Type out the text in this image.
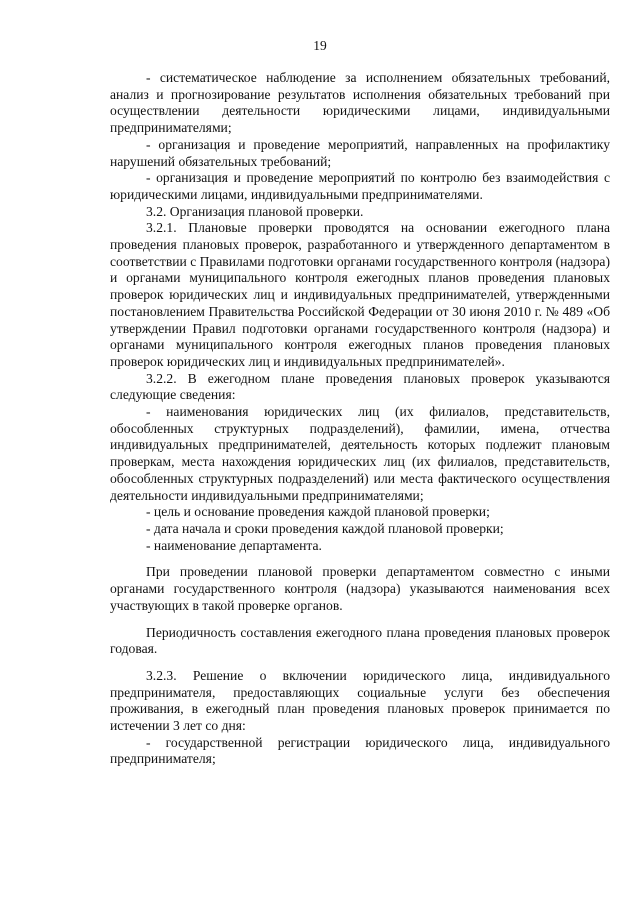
19

- систематическое наблюдение за исполнением обязательных требований, анализ и прогнозирование результатов исполнения обязательных требований при осуществлении деятельности юридическими лицами, индивидуальными предпринимателями;

- организация и проведение мероприятий, направленных на профилактику нарушений обязательных требований;

- организация и проведение мероприятий по контролю без взаимодействия с юридическими лицами, индивидуальными предпринимателями.

3.2. Организация плановой проверки.

3.2.1. Плановые проверки проводятся на основании ежегодного плана проведения плановых проверок, разработанного и утвержденного департаментом в соответствии с Правилами подготовки органами государственного контроля (надзора) и органами муниципального контроля ежегодных планов проведения плановых проверок юридических лиц и индивидуальных предпринимателей, утвержденными постановлением Правительства Российской Федерации от 30 июня 2010 г. № 489 «Об утверждении Правил подготовки органами государственного контроля (надзора) и органами муниципального контроля ежегодных планов проведения плановых проверок юридических лиц и индивидуальных предпринимателей».

3.2.2. В ежегодном плане проведения плановых проверок указываются следующие сведения:

- наименования юридических лиц (их филиалов, представительств, обособленных структурных подразделений), фамилии, имена, отчества индивидуальных предпринимателей, деятельность которых подлежит плановым проверкам, места нахождения юридических лиц (их филиалов, представительств, обособленных структурных подразделений) или места фактического осуществления деятельности индивидуальными предпринимателями;

- цель и основание проведения каждой плановой проверки;

- дата начала и сроки проведения каждой плановой проверки;

- наименование департамента.

При проведении плановой проверки департаментом совместно с иными органами государственного контроля (надзора) указываются наименования всех участвующих в такой проверке органов.

Периодичность составления ежегодного плана проведения плановых проверок годовая.

3.2.3. Решение о включении юридического лица, индивидуального предпринимателя, предоставляющих социальные услуги без обеспечения проживания, в ежегодный план проведения плановых проверок принимается по истечении 3 лет со дня:

- государственной регистрации юридического лица, индивидуального предпринимателя;
